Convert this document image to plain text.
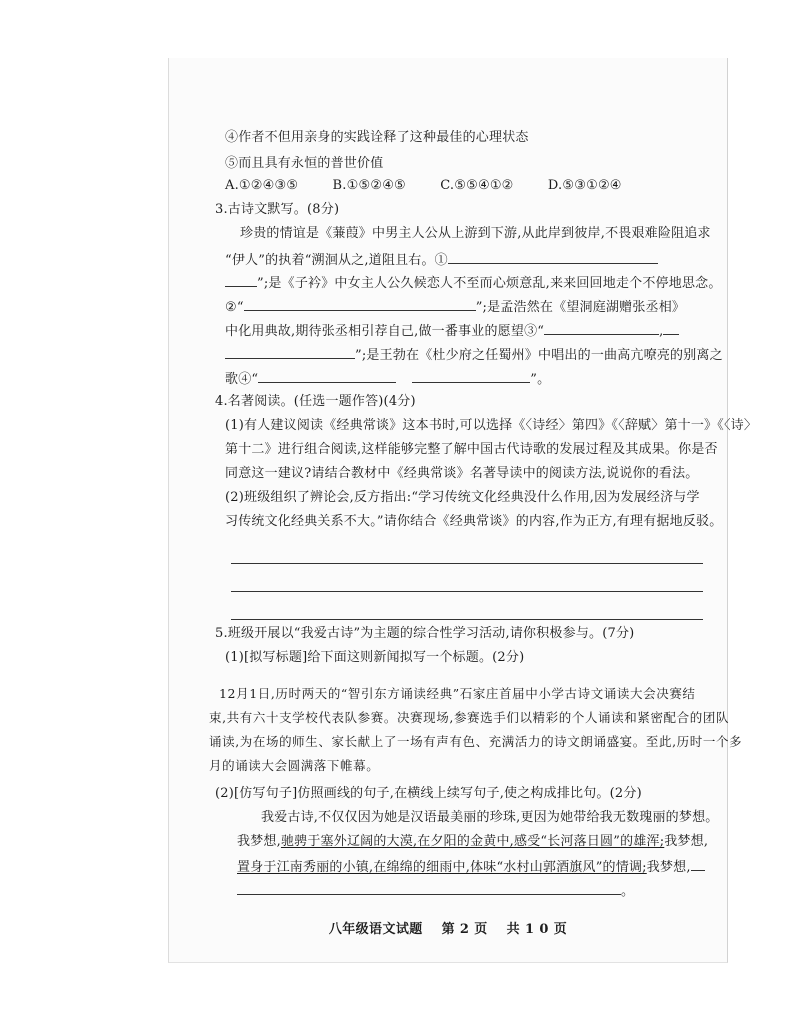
④作者不但用亲身的实践诠释了这种最佳的心理状态
⑤而且具有永恒的普世价值
A.①②④③⑤	B.①⑤②④⑤	C.⑤⑤④①②	D.⑤③①②④
3.古诗文默写。(8分)
珍贵的情谊是《蒹葭》中男主人公从上游到下游,从此岸到彼岸,不畏艰难险阻追求
“伊人”的执着“溯洄从之,道阻且右。①
”;是《子衿》中女主人公久候恋人不至而心烦意乱,来来回回地走个不停地思念。
②“	”;是孟浩然在《望洞庭湖赠张丞相》
中化用典故,期待张丞相引荐自己,做一番事业的愿望③“	,
”;是王勃在《杜少府之任蜀州》中唱出的一曲高亢嘹亮的别离之
歌④“	”。
4.名著阅读。(任选一题作答)(4分)
(1)有人建议阅读《经典常谈》这本书时,可以选择《〈诗经〉第四》《〈辞赋〉第十一》《〈诗〉
第十二》进行组合阅读,这样能够完整了解中国古代诗歌的发展过程及其成果。你是否
同意这一建议?请结合教材中《经典常谈》名著导读中的阅读方法,说说你的看法。
(2)班级组织了辨论会,反方指出:“学习传统文化经典没什么作用,因为发展经济与学
习传统文化经典关系不大。”请你结合《经典常谈》的内容,作为正方,有理有据地反驳。
5.班级开展以“我爱古诗”为主题的综合性学习活动,请你积极参与。(7分)
(1)[拟写标题]给下面这则新闻拟写一个标题。(2分)
12月1日,历时两天的“智引东方诵读经典”石家庄首届中小学古诗文诵读大会决赛结
束,共有六十支学校代表队参赛。决赛现场,参赛选手们以精彩的个人诵读和紧密配合的团队
诵读,为在场的师生、家长献上了一场有声有色、充满活力的诗文朗诵盛宴。至此,历时一个多
月的诵读大会圆满落下帷幕。
(2)[仿写句子]仿照画线的句子,在横线上续写句子,使之构成排比句。(2分)
我爱古诗,不仅仅因为她是汉语最美丽的珍珠,更因为她带给我无数瑰丽的梦想。
我梦想,驰骋于塞外辽阔的大漠,在夕阳的金黄中,感受“长河落日圆”的雄浑;我梦想,
置身于江南秀丽的小镇,在绵绵的细雨中,体味“水村山郭酒旗风”的情调;我梦想,
。
八年级语文试题 第 2 页 共 1 0 页
